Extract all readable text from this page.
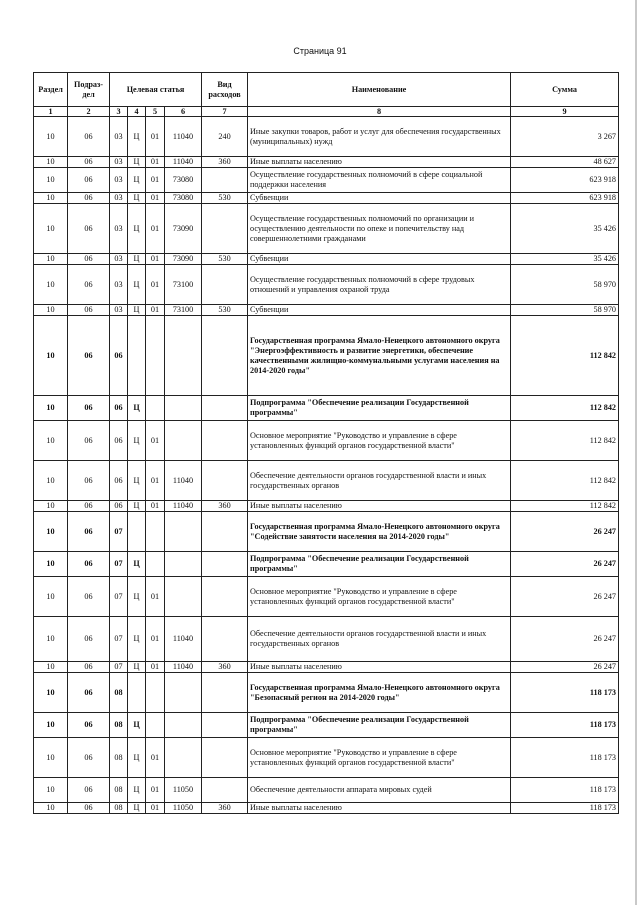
Страница 91
Раздел	Подраз-дел	Целевая статья				Вид расходов	Наименование	Сумма
1	2	3	4	5	6	7	8	9
10	06	03	Ц	01	11040	240	Иные закупки товаров, работ и услуг для обеспечения государственных (муниципальных) нужд	3 267
10	06	03	Ц	01	11040	360	Иные выплаты населению	48 627
10	06	03	Ц	01	73080		Осуществление государственных полномочий в сфере социальной поддержки населения	623 918
10	06	03	Ц	01	73080	530	Субвенции	623 918
10	06	03	Ц	01	73090		Осуществление государственных полномочий по организации и осуществлению деятельности по опеке и попечительству над совершеннолетними гражданами	35 426
10	06	03	Ц	01	73090	530	Субвенции	35 426
10	06	03	Ц	01	73100		Осуществление государственных полномочий в сфере трудовых отношений и управления охраной труда	58 970
10	06	03	Ц	01	73100	530	Субвенции	58 970
10	06	06					Государственная программа Ямало-Ненецкого автономного округа "Энергоэффективность и развитие энергетики, обеспечение качественными жилищно-коммунальными услугами населения на 2014-2020 годы"	112 842
10	06	06	Ц				Подпрограмма "Обеспечение реализации Государственной программы"	112 842
10	06	06	Ц	01			Основное мероприятие "Руководство и управление в сфере установленных функций органов государственной власти"	112 842
10	06	06	Ц	01	11040		Обеспечение деятельности органов государственной власти и иных государственных органов	112 842
10	06	06	Ц	01	11040	360	Иные выплаты населению	112 842
10	06	07					Государственная программа Ямало-Ненецкого автономного округа "Содействие занятости населения на 2014-2020 годы"	26 247
10	06	07	Ц				Подпрограмма "Обеспечение реализации Государственной программы"	26 247
10	06	07	Ц	01			Основное мероприятие "Руководство и управление в сфере установленных функций органов государственной власти"	26 247
10	06	07	Ц	01	11040		Обеспечение деятельности органов государственной власти и иных государственных органов	26 247
10	06	07	Ц	01	11040	360	Иные выплаты населению	26 247
10	06	08					Государственная программа Ямало-Ненецкого автономного округа "Безопасный регион на 2014-2020 годы"	118 173
10	06	08	Ц				Подпрограмма "Обеспечение реализации Государственной программы"	118 173
10	06	08	Ц	01			Основное мероприятие "Руководство и управление в сфере установленных функций органов государственной власти"	118 173
10	06	08	Ц	01	11050		Обеспечение деятельности аппарата мировых судей	118 173
10	06	08	Ц	01	11050	360	Иные выплаты населению	118 173
